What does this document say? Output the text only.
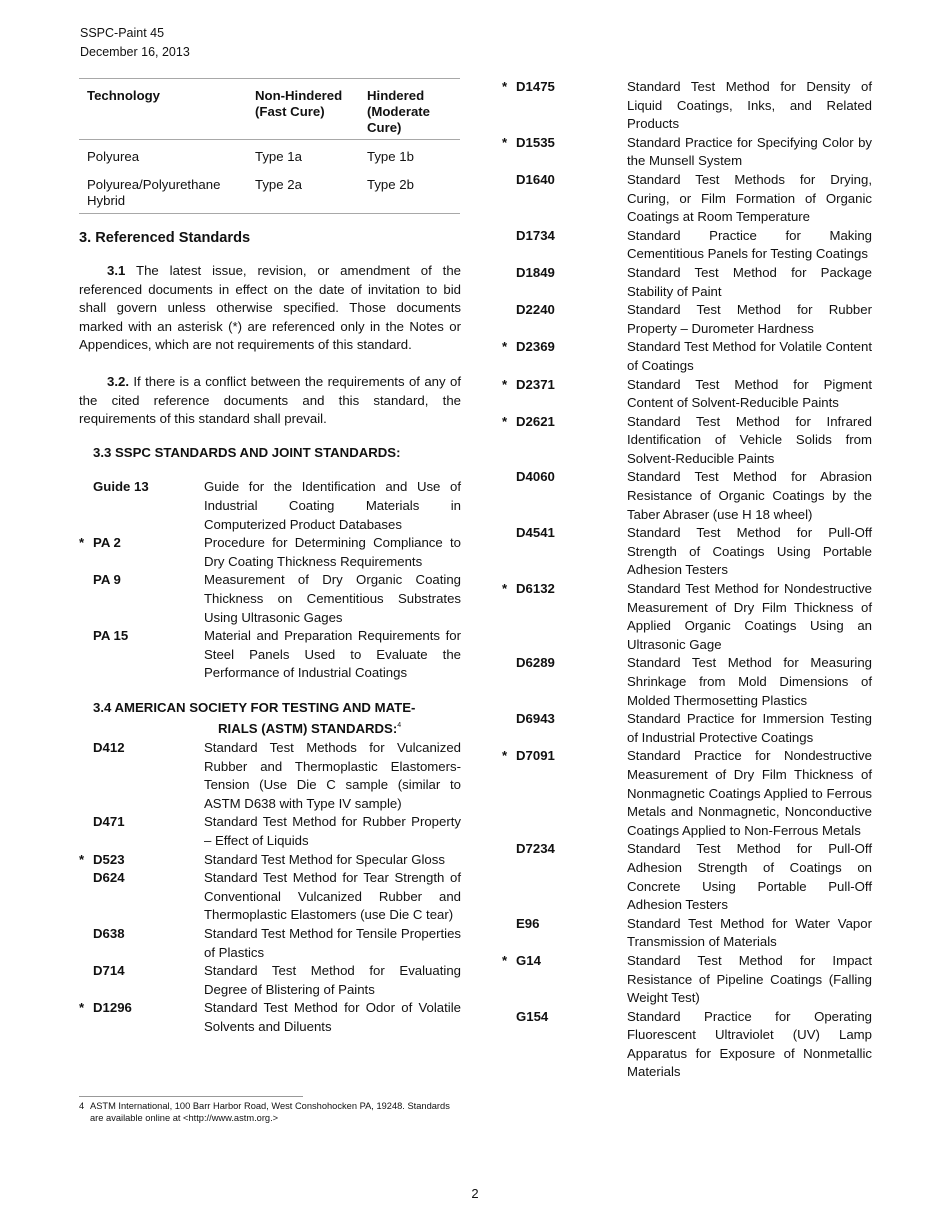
SSPC-Paint 45
December 16, 2013
Technology	Non-Hindered (Fast Cure)	Hindered (Moderate Cure)
Polyurea	Type 1a	Type 1b
Polyurea/Polyurethane Hybrid	Type 2a	Type 2b
3. Referenced Standards

3.1 The latest issue, revision, or amendment of the referenced documents in effect on the date of invitation to bid shall govern unless otherwise specified. Those documents marked with an asterisk (*) are referenced only in the Notes or Appendices, which are not requirements of this standard.

3.2. If there is a conflict between the requirements of any of the cited reference documents and this standard, the requirements of this standard shall prevail.

3.3 SSPC STANDARDS AND JOINT STANDARDS:
Guide 13	Guide for the Identification and Use of Industrial Coating Materials in Computerized Product Databases
* PA 2	Procedure for Determining Compliance to Dry Coating Thickness Requirements
PA 9	Measurement of Dry Organic Coating Thickness on Cementitious Substrates Using Ultrasonic Gages
PA 15	Material and Preparation Requirements for Steel Panels Used to Evaluate the Performance of Industrial Coatings
3.4 AMERICAN SOCIETY FOR TESTING AND MATE-
RIALS (ASTM) STANDARDS:$^4$
D412	Standard Test Methods for Vulcanized Rubber and Thermoplastic Elastomers-Tension (Use Die C sample (similar to ASTM D638 with Type IV sample)
D471	Standard Test Method for Rubber Property – Effect of Liquids
* D523	Standard Test Method for Specular Gloss
D624	Standard Test Method for Tear Strength of Conventional Vulcanized Rubber and Thermoplastic Elastomers (use Die C tear)
D638	Standard Test Method for Tensile Properties of Plastics
D714	Standard Test Method for Evaluating Degree of Blistering of Paints
* D1296	Standard Test Method for Odor of Volatile Solvents and Diluents
* D1475	Standard Test Method for Density of Liquid Coatings, Inks, and Related Products
* D1535	Standard Practice for Specifying Color by the Munsell System
D1640	Standard Test Methods for Drying, Curing, or Film Formation of Organic Coatings at Room Temperature
D1734	Standard Practice for Making Cementitious Panels for Testing Coatings
D1849	Standard Test Method for Package Stability of Paint
D2240	Standard Test Method for Rubber Property – Durometer Hardness
* D2369	Standard Test Method for Volatile Content of Coatings
* D2371	Standard Test Method for Pigment Content of Solvent-Reducible Paints
* D2621	Standard Test Method for Infrared Identification of Vehicle Solids from Solvent-Reducible Paints
D4060	Standard Test Method for Abrasion Resistance of Organic Coatings by the Taber Abraser (use H 18 wheel)
D4541	Standard Test Method for Pull-Off Strength of Coatings Using Portable Adhesion Testers
* D6132	Standard Test Method for Nondestructive Measurement of Dry Film Thickness of Applied Organic Coatings Using an Ultrasonic Gage
D6289	Standard Test Method for Measuring Shrinkage from Mold Dimensions of Molded Thermosetting Plastics
D6943	Standard Practice for Immersion Testing of Industrial Protective Coatings
* D7091	Standard Practice for Nondestructive Measurement of Dry Film Thickness of Nonmagnetic Coatings Applied to Ferrous Metals and Nonmagnetic, Nonconductive Coatings Applied to Non-Ferrous Metals
D7234	Standard Test Method for Pull-Off Adhesion Strength of Coatings on Concrete Using Portable Pull-Off Adhesion Testers
E96	Standard Test Method for Water Vapor Transmission of Materials
* G14	Standard Test Method for Impact Resistance of Pipeline Coatings (Falling Weight Test)
G154	Standard Practice for Operating Fluorescent Ultraviolet (UV) Lamp Apparatus for Exposure of Nonmetallic Materials
4 ASTM International, 100 Barr Harbor Road, West Conshohocken PA, 19248. Standards are available online at <http://www.astm.org.>
2
